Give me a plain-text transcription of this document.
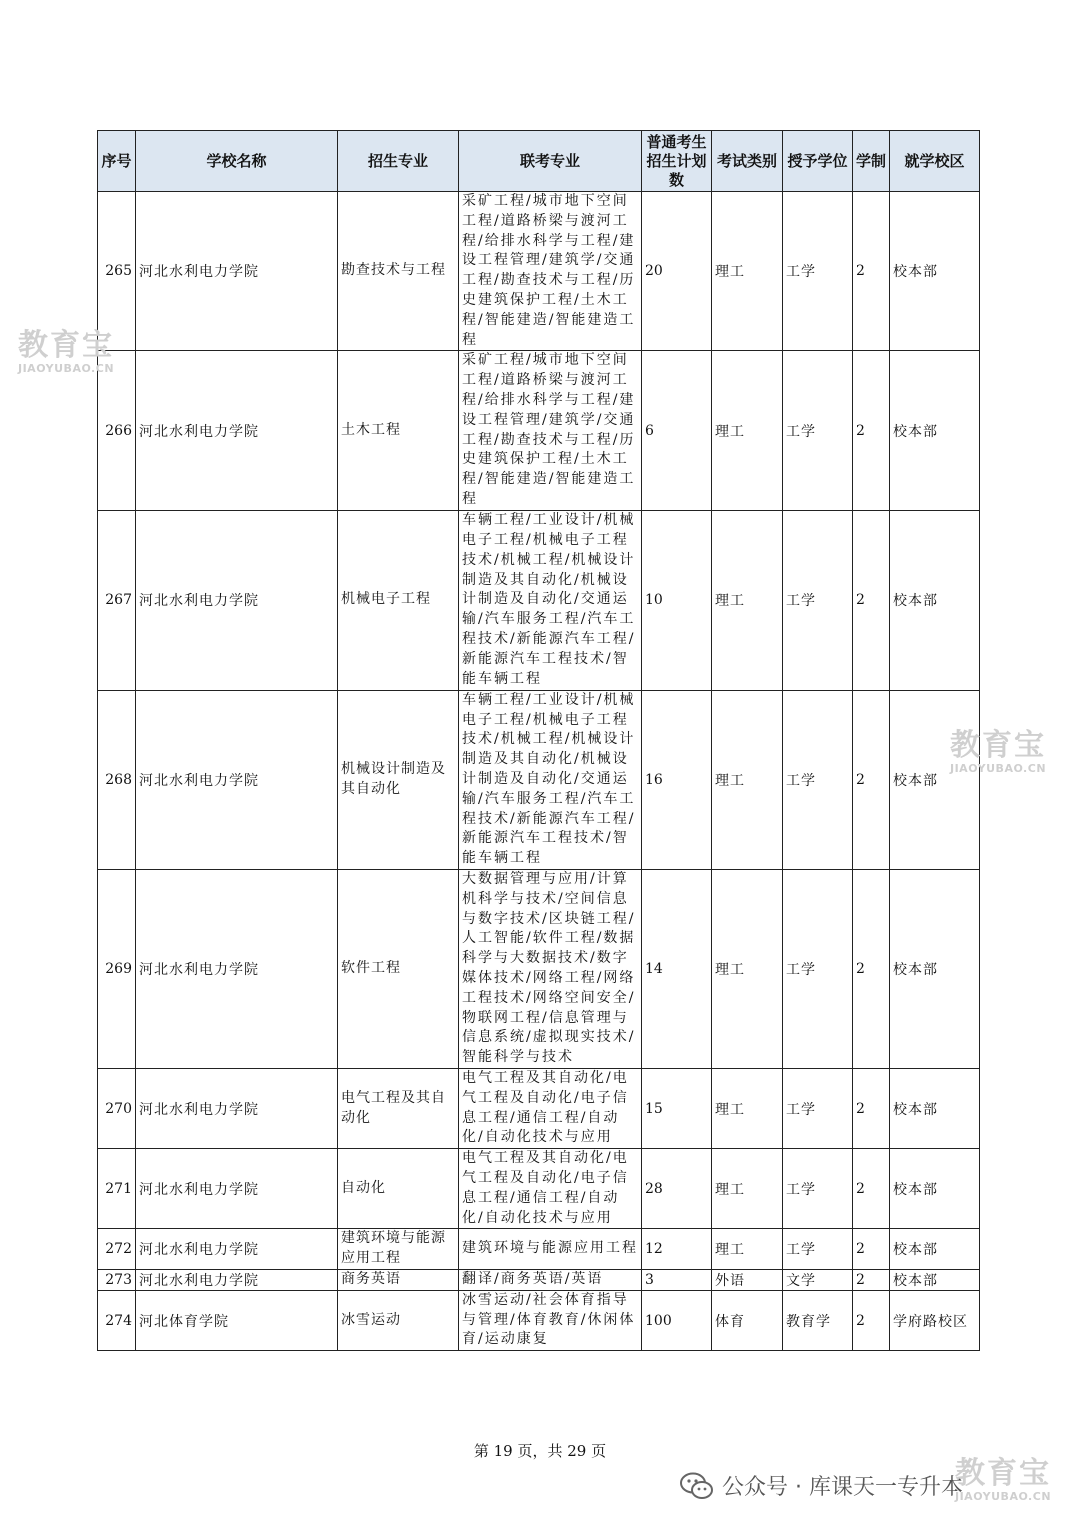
序号	学校名称	招生专业	联考专业	普通考生招生计划数	考试类别	授予学位	学制	就学校区
265	河北水利电力学院	勘查技术与工程	采矿工程/城市地下空间工程/道路桥梁与渡河工程/给排水科学与工程/建设工程管理/建筑学/交通工程/勘查技术与工程/历史建筑保护工程/土木工程/智能建造/智能建造工程	20	理工	工学	2	校本部
266	河北水利电力学院	土木工程	采矿工程/城市地下空间工程/道路桥梁与渡河工程/给排水科学与工程/建设工程管理/建筑学/交通工程/勘查技术与工程/历史建筑保护工程/土木工程/智能建造/智能建造工程	6	理工	工学	2	校本部
267	河北水利电力学院	机械电子工程	车辆工程/工业设计/机械电子工程/机械电子工程技术/机械工程/机械设计制造及其自动化/机械设计制造及自动化/交通运输/汽车服务工程/汽车工程技术/新能源汽车工程/新能源汽车工程技术/智能车辆工程	10	理工	工学	2	校本部
268	河北水利电力学院	机械设计制造及其自动化	车辆工程/工业设计/机械电子工程/机械电子工程技术/机械工程/机械设计制造及其自动化/机械设计制造及自动化/交通运输/汽车服务工程/汽车工程技术/新能源汽车工程/新能源汽车工程技术/智能车辆工程	16	理工	工学	2	校本部
269	河北水利电力学院	软件工程	大数据管理与应用/计算机科学与技术/空间信息与数字技术/区块链工程/人工智能/软件工程/数据科学与大数据技术/数字媒体技术/网络工程/网络工程技术/网络空间安全/物联网工程/信息管理与信息系统/虚拟现实技术/智能科学与技术	14	理工	工学	2	校本部
270	河北水利电力学院	电气工程及其自动化	电气工程及其自动化/电气工程及自动化/电子信息工程/通信工程/自动化/自动化技术与应用	15	理工	工学	2	校本部
271	河北水利电力学院	自动化	电气工程及其自动化/电气工程及自动化/电子信息工程/通信工程/自动化/自动化技术与应用	28	理工	工学	2	校本部
272	河北水利电力学院	建筑环境与能源应用工程	建筑环境与能源应用工程	12	理工	工学	2	校本部
273	河北水利电力学院	商务英语	翻译/商务英语/英语	3	外语	文学	2	校本部
274	河北体育学院	冰雪运动	冰雪运动/社会体育指导与管理/体育教育/休闲体育/运动康复	100	体育	教育学	2	学府路校区
第 19 页，共 29 页
教育宝
JIAOYUBAO.CN
教育宝
JIAOYUBAO.CN
教育宝
JIAOYUBAO.CN
公众号 · 库课天一专升本
